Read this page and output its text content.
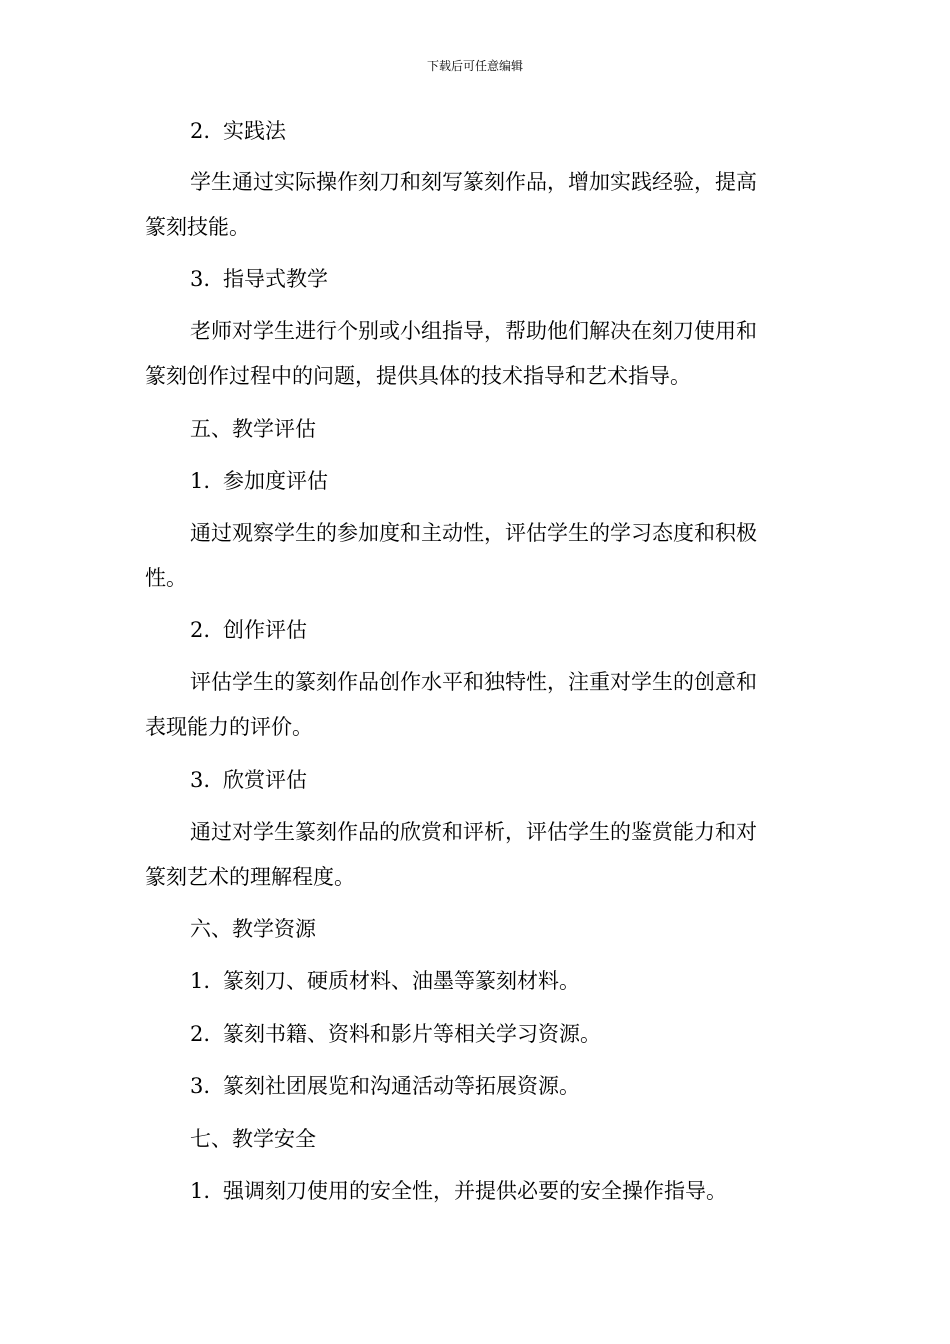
下载后可任意编辑

2. 实践法

学生通过实际操作刻刀和刻写篆刻作品，增加实践经验，提高

篆刻技能。

3. 指导式教学

老师对学生进行个别或小组指导，帮助他们解决在刻刀使用和

篆刻创作过程中的问题，提供具体的技术指导和艺术指导。

五、教学评估

1. 参加度评估

通过观察学生的参加度和主动性，评估学生的学习态度和积极

性。

2. 创作评估

评估学生的篆刻作品创作水平和独特性，注重对学生的创意和

表现能力的评价。

3. 欣赏评估

通过对学生篆刻作品的欣赏和评析，评估学生的鉴赏能力和对

篆刻艺术的理解程度。

六、教学资源

1. 篆刻刀、硬质材料、油墨等篆刻材料。

2. 篆刻书籍、资料和影片等相关学习资源。

3. 篆刻社团展览和沟通活动等拓展资源。

七、教学安全

1. 强调刻刀使用的安全性，并提供必要的安全操作指导。
